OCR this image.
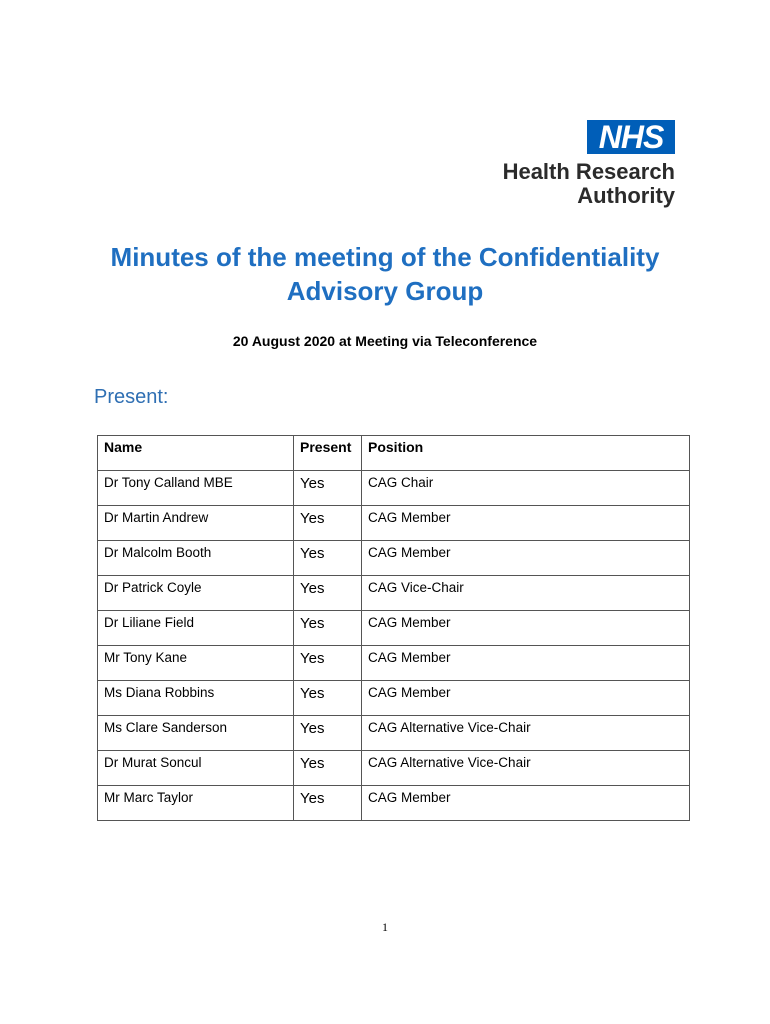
NHS
Health Research
Authority
Minutes of the meeting of the Confidentiality Advisory Group
20 August 2020 at Meeting via Teleconference
Present:
Name	Present	Position
Dr Tony Calland MBE	Yes	CAG Chair
Dr Martin Andrew	Yes	CAG Member
Dr Malcolm Booth	Yes	CAG Member
Dr Patrick Coyle	Yes	CAG Vice-Chair
Dr Liliane Field	Yes	CAG Member
Mr Tony Kane	Yes	CAG Member
Ms Diana Robbins	Yes	CAG Member
Ms Clare Sanderson	Yes	CAG Alternative Vice-Chair
Dr Murat Soncul	Yes	CAG Alternative Vice-Chair
Mr Marc Taylor	Yes	CAG Member
1
